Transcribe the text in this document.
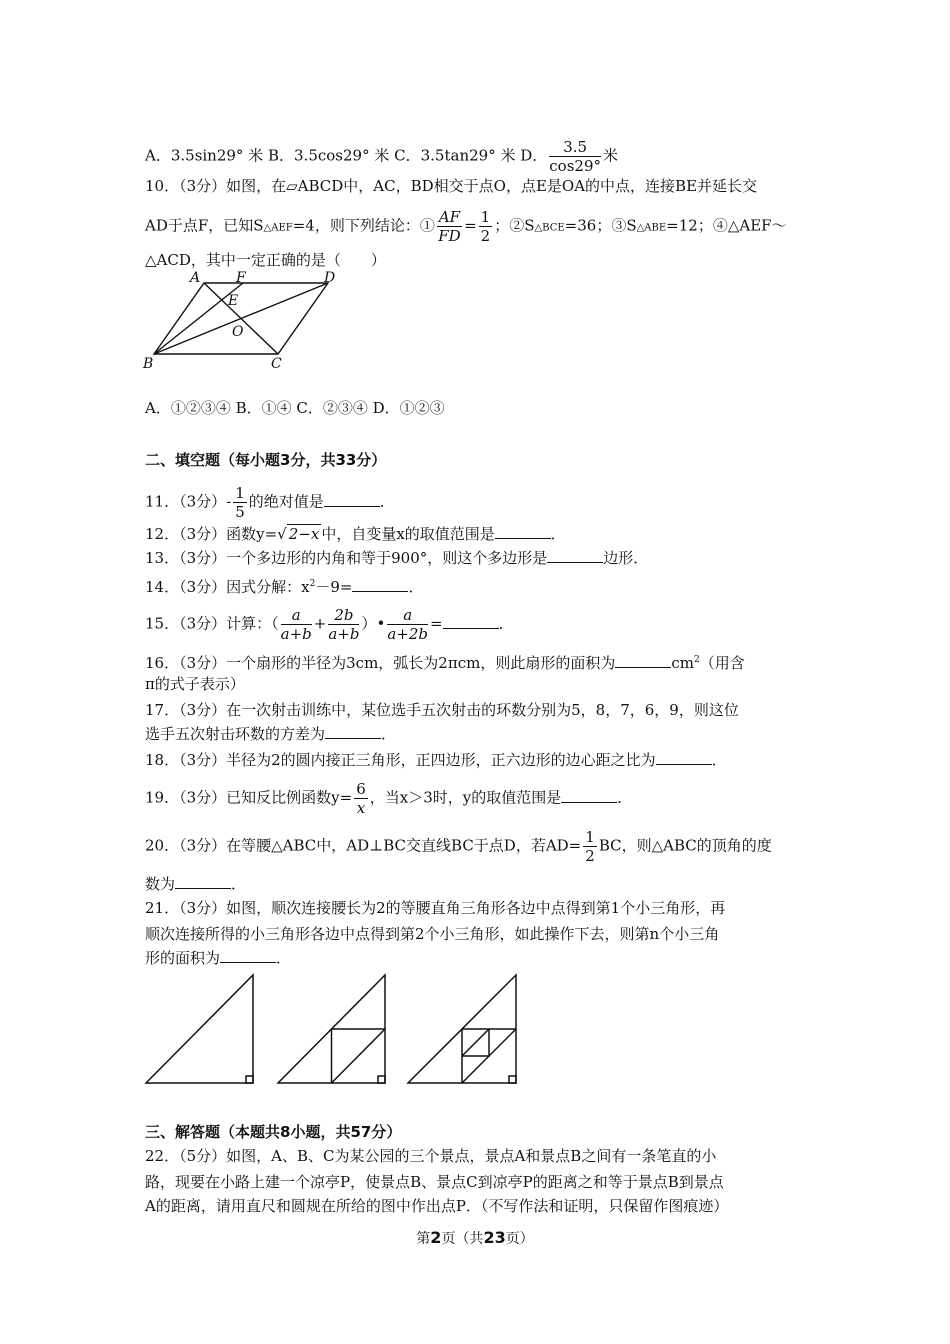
A．3.5sin29° 米 B．3.5cos29° 米 C．3.5tan29° 米 D． $\frac{3.5}{\cos 29^\circ}$ 米
10．（3分）如图，在▱ABCD中，AC，BD相交于点O，点E是OA的中点，连接BE并延长交
AD于点F，已知S△AEF=4，则下列结论：① $\frac{AF}{FD} = \frac{1}{2}$ ；②S△BCE=36；③S△ABE=12；④△AEF～
△ACD，其中一定正确的是（　　）
A	F	D
E
O
B	C
A．①②③④ B．①④ C．②③④ D．①②③
二、填空题（每小题3分，共33分）
11．（3分）- $\frac{1}{5}$ 的绝对值是	．
12．（3分）函数y=√ 2−x 中，自变量x的取值范围是	．
13．（3分）一个多边形的内角和等于900°，则这个多边形是	边形．
14．（3分）因式分解：$x^2-9=$	．
15．（3分）计算：（ $\frac{a}{a+b} + \frac{2b}{a+b}$ ）• $\frac{a}{a+2b}$ =	．
16．（3分）一个扇形的半径为3cm，弧长为2πcm，则此扇形的面积为	$cm^2$（用含
π的式子表示）
17．（3分）在一次射击训练中，某位选手五次射击的环数分别为5，8，7，6，9，则这位
选手五次射击环数的方差为	．
18．（3分）半径为2的圆内接正三角形，正四边形，正六边形的边心距之比为	．
19．（3分）已知反比例函数$y= \frac{6}{x}$ ，当x＞3时，y的取值范围是	．
20．（3分）在等腰△ABC中，AD⊥BC交直线BC于点D，若$AD= \frac{1}{2}$ BC，则△ABC的顶角的度
数为	．
21．（3分）如图，顺次连接腰长为2的等腰直角三角形各边中点得到第1个小三角形，再
顺次连接所得的小三角形各边中点得到第2个小三角形，如此操作下去，则第n个小三角
形的面积为	．
三、解答题（本题共8小题，共57分）
22．（5分）如图，A、B、C为某公园的三个景点，景点A和景点B之间有一条笔直的小
路，现要在小路上建一个凉亭P，使景点B、景点C到凉亭P的距离之和等于景点B到景点
A的距离，请用直尺和圆规在所给的图中作出点P．（不写作法和证明，只保留作图痕迹）
第2页（共23页）
